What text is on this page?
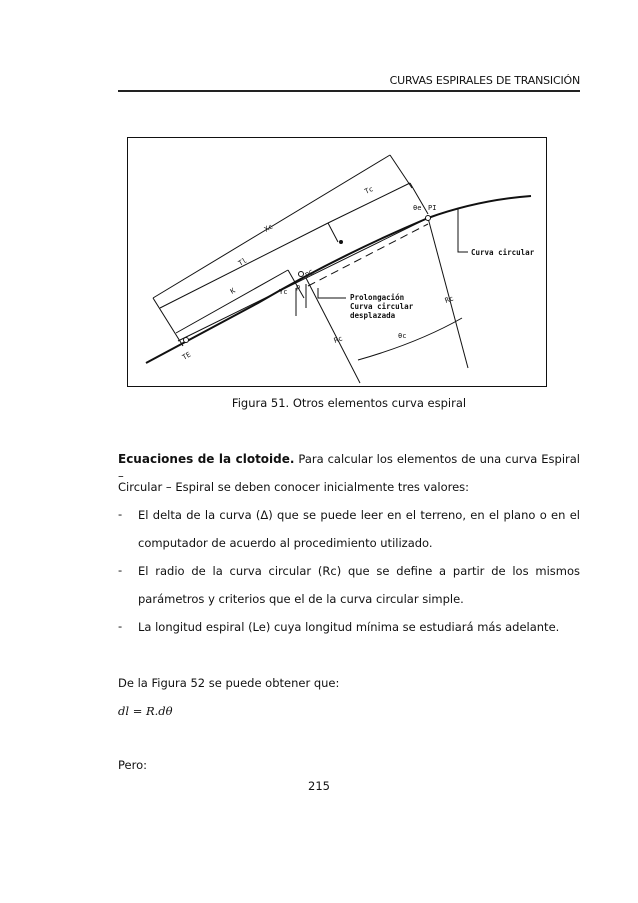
CURVAS ESPIRALES DE TRANSICIÓN
Xc
Tc
Tl
K	Yc
p
θe PI
PC
TE
Rc
Rc
θc
Curva circular
Prolongación
Curva circular
desplazada
Figura 51. Otros elementos curva espiral
Ecuaciones de la clotoide. Para calcular los elementos de una curva Espiral –
Circular – Espiral se deben conocer inicialmente tres valores:
- El delta de la curva (Δ) que se puede leer en el terreno, en el plano o en el computador de acuerdo al procedimiento utilizado.
- El radio de la curva circular (Rc) que se define a partir de los mismos parámetros y criterios que el de la curva circular simple.
- La longitud espiral (Le) cuya longitud mínima se estudiará más adelante.
De la Figura 52 se puede obtener que:
dl = R.dθ
Pero:
215
